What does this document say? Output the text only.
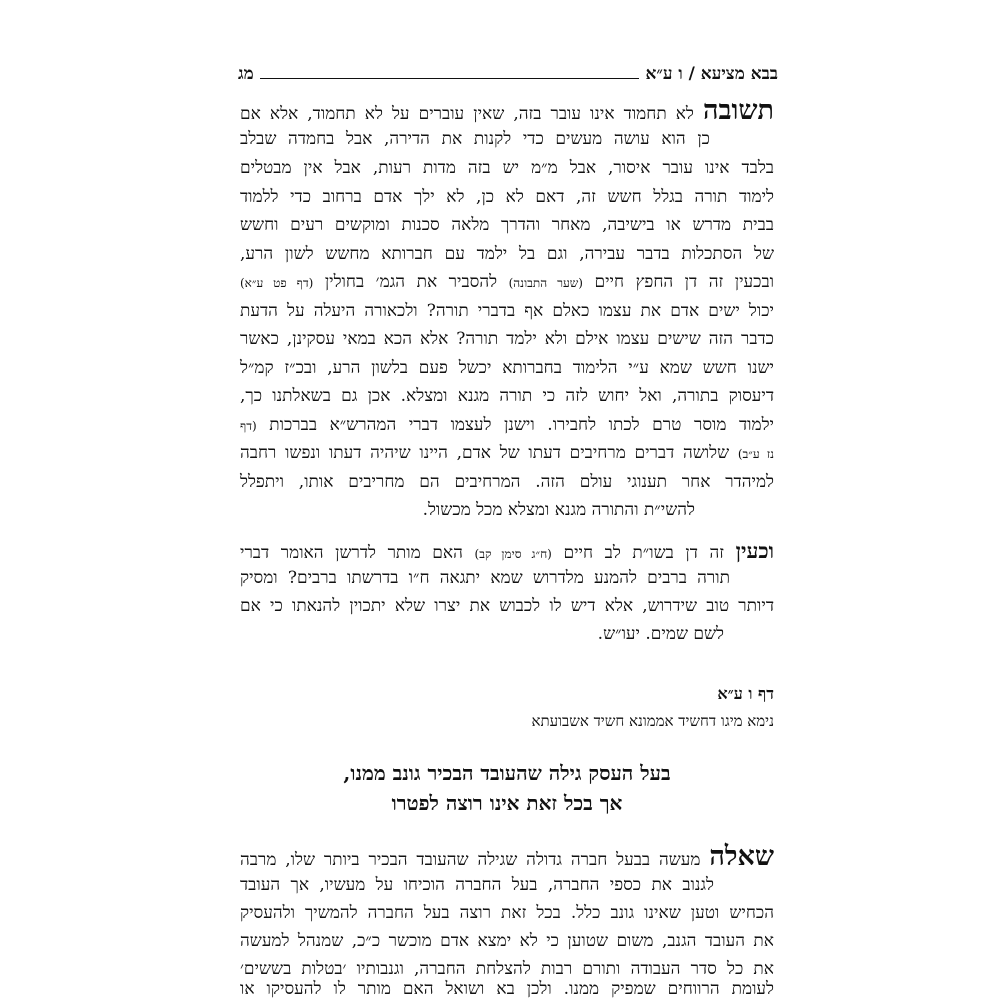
בבא מציעא / ו ע״א
מג
תשובה לא תחמוד אינו עובר בזה, שאין עוברים על לא תחמוד, אלא אם
כן הוא עושה מעשים כדי לקנות את הדירה, אבל בחמדה שבלב
בלבד אינו עובר איסור, אבל מ״מ יש בזה מדות רעות, אבל אין מבטלים
לימוד תורה בגלל חשש זה, דאם לא כן, לא ילך אדם ברחוב כדי ללמוד
בבית מדרש או בישיבה, מאחר והדרך מלאה סכנות ומוקשים רעים וחשש
של הסתכלות בדבר עבירה, וגם בל ילמד עם חברותא מחשש לשון הרע,
ובכעין זה דן החפץ חיים (שער התבונה) להסביר את הגמ׳ בחולין (דף פט ע״א)
יכול ישים אדם את עצמו כאלם אף בדברי תורה? ולכאורה היעלה על הדעת
כדבר הזה שישים עצמו אילם ולא ילמד תורה? אלא הכא במאי עסקינן, כאשר
ישנו חשש שמא ע״י הלימוד בחברותא יכשל פעם בלשון הרע, ובכ״ז קמ״ל
דיעסוק בתורה, ואל יחוש לזה כי תורה מגנא ומצלא. אכן גם בשאלתנו כך,
ילמוד מוסר טרם לכתו לחבירו. וישנן לעצמו דברי המהרש״א בברכות (דף
נז ע״ב) שלושה דברים מרחיבים דעתו של אדם, היינו שיהיה דעתו ונפשו רחבה
למיהדר אחר תענוגי עולם הזה. המרחיבים הם מחריבים אותו, ויתפלל
להשי״ת והתורה מגנא ומצלא מכל מכשול.
וכעין זה דן בשו״ת לב חיים (ח״ג סימן קב) האם מותר לדרשן האומר דברי
תורה ברבים להמנע מלדרוש שמא יתגאה ח״ו בדרשתו ברבים? ומסיק
דיותר טוב שידרוש, אלא דיש לו לכבוש את יצרו שלא יתכוין להנאתו כי אם
לשם שמים. יעו״ש.
דף ו ע״א
נימא מיגו דחשיד אממונא חשיד אשבועתא
בעל העסק גילה שהעובד הבכיר גונב ממנו,
אך בכל זאת אינו רוצה לפטרו
שאלה מעשה בבעל חברה גדולה שגילה שהעובד הבכיר ביותר שלו, מרבה
לגנוב את כספי החברה, בעל החברה הוכיחו על מעשיו, אך העובד
הכחיש וטען שאינו גונב כלל. בכל זאת רוצה בעל החברה להמשיך ולהעסיק
את העובד הגנב, משום שטוען כי לא ימצא אדם מוכשר כ״כ, שמנהל למעשה
את כל סדר העבודה ותורם רבות להצלחת החברה, וגנבותיו ׳בטלות בששים׳
לעומת הרווחים שמפיק ממנו. ולכן בא ושואל האם מותר לו להעסיקו או
